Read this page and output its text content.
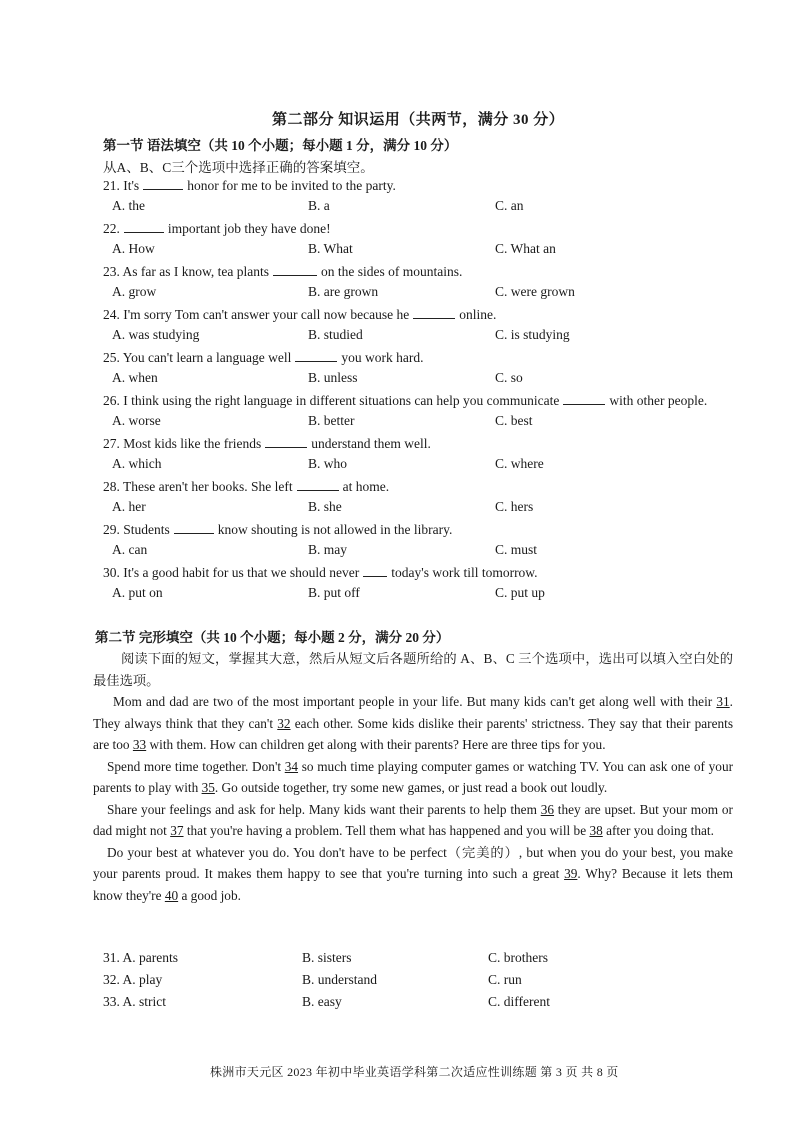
第二部分 知识运用（共两节，满分 30 分）
第一节 语法填空（共 10 个小题；每小题 1 分，满分 10 分）
从A、B、C三个选项中选择正确的答案填空。
21. It's	honor for me to be invited to the party.
A. the	B. a	C. an
22.	important job they have done!
A. How	B. What	C. What an
23. As far as I know, tea plants	on the sides of mountains.
A. grow	B. are grown	C. were grown
24. I'm sorry Tom can't answer your call now because he	online.
A. was studying	B. studied	C. is studying
25. You can't learn a language well	you work hard.
A. when	B. unless	C. so
26. I think using the right language in different situations can help you communicate	with other people.
A. worse	B. better	C. best
27. Most kids like the friends	understand them well.
A. which	B. who	C. where
28. These aren't her books. She left	at home.
A. her	B. she	C. hers
29. Students	know shouting is not allowed in the library.
A. can	B. may	C. must
30. It's a good habit for us that we should never today's work till tomorrow.
A. put on	B. put off	C. put up
第二节 完形填空（共 10 个小题；每小题 2 分，满分 20 分）

阅读下面的短文，掌握其大意，然后从短文后各题所给的 A、B、C 三个选项中，选出可以填入空白处的最佳选项。

Mom and dad are two of the most important people in your life. But many kids can't get along well with their 31. They always think that they can't 32 each other. Some kids dislike their parents' strictness. They say that their parents are too 33 with them. How can children get along with their parents? Here are three tips for you.

Spend more time together. Don't 34 so much time playing computer games or watching TV. You can ask one of your parents to play with 35. Go outside together, try some new games, or just read a book out loudly.

Share your feelings and ask for help. Many kids want their parents to help them 36 they are upset. But your mom or dad might not 37 that you're having a problem. Tell them what has happened and you will be 38 after you doing that.

Do your best at whatever you do. You don't have to be perfect（完美的）, but when you do your best, you make your parents proud. It makes them happy to see that you're turning into such a great 39. Why? Because it lets them know they're 40 a good job.

31. A. parents	B. sisters	C. brothers
32. A. play	B. understand	C. run
33. A. strict	B. easy	C. different
株洲市天元区 2023 年初中毕业英语学科第二次适应性训练题 第 3 页 共 8 页
